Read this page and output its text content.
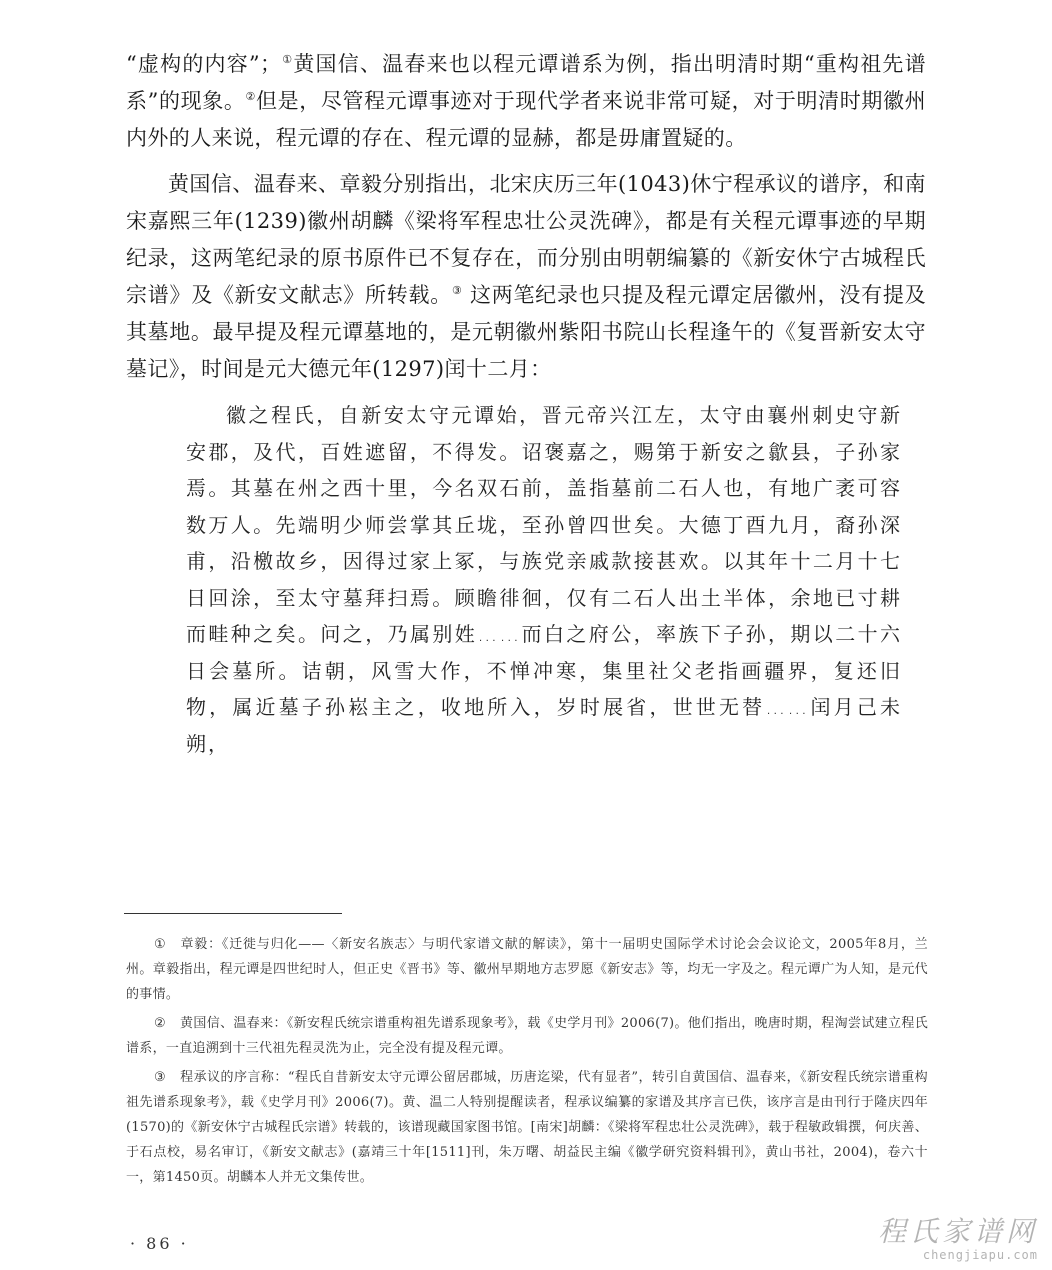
“虚构的内容”；①黄国信、温春来也以程元谭谱系为例，指出明清时期“重构祖先谱系”的现象。②但是，尽管程元谭事迹对于现代学者来说非常可疑，对于明清时期徽州内外的人来说，程元谭的存在、程元谭的显赫，都是毋庸置疑的。

黄国信、温春来、章毅分别指出，北宋庆历三年(1043)休宁程承议的谱序，和南宋嘉熙三年(1239)徽州胡麟《梁将军程忠壮公灵洗碑》，都是有关程元谭事迹的早期纪录，这两笔纪录的原书原件已不复存在，而分别由明朝编纂的《新安休宁古城程氏宗谱》及《新安文献志》所转载。③ 这两笔纪录也只提及程元谭定居徽州，没有提及其墓地。最早提及程元谭墓地的，是元朝徽州紫阳书院山长程逢午的《复晋新安太守墓记》，时间是元大德元年(1297)闰十二月：

徽之程氏，自新安太守元谭始，晋元帝兴江左，太守由襄州刺史守新安郡，及代，百姓遮留，不得发。诏褒嘉之，赐第于新安之歙县，子孙家焉。其墓在州之西十里，今名双石前，盖指墓前二石人也，有地广袤可容数万人。先端明少师尝掌其丘垅，至孙曾四世矣。大德丁酉九月，裔孙深甫，沿檄故乡，因得过家上冢，与族党亲戚款接甚欢。以其年十二月十七日回涂，至太守墓拜扫焉。顾瞻徘徊，仅有二石人出土半体，余地已寸耕而畦种之矣。问之，乃属别姓……而白之府公，率族下子孙，期以二十六日会墓所。诘朝，风雪大作，不惮冲寒，集里社父老指画疆界，复还旧物，属近墓子孙崧主之，收地所入，岁时展省，世世无替……闰月己未朔，

① 章毅：《迁徙与归化——〈新安名族志〉与明代家谱文献的解读》，第十一届明史国际学术讨论会会议论文，2005年8月，兰州。章毅指出，程元谭是四世纪时人，但正史《晋书》等、徽州早期地方志罗愿《新安志》等，均无一字及之。程元谭广为人知，是元代的事情。

② 黄国信、温春来：《新安程氏统宗谱重构祖先谱系现象考》，载《史学月刊》2006(7)。他们指出，晚唐时期，程淘尝试建立程氏谱系，一直追溯到十三代祖先程灵洗为止，完全没有提及程元谭。

③ 程承议的序言称：“程氏自昔新安太守元谭公留居郡城，历唐迄梁，代有显者”，转引自黄国信、温春来，《新安程氏统宗谱重构祖先谱系现象考》，载《史学月刊》2006(7)。黄、温二人特别提醒读者，程承议编纂的家谱及其序言已佚，该序言是由刊行于隆庆四年(1570)的《新安休宁古城程氏宗谱》转载的，该谱现藏国家图书馆。[南宋]胡麟：《梁将军程忠壮公灵洗碑》，载于程敏政辑撰，何庆善、于石点校，易名审订，《新安文献志》(嘉靖三十年[1511]刊，朱万曙、胡益民主编《徽学研究资料辑刊》，黄山书社，2004)，卷六十一，第1450页。胡麟本人并无文集传世。

· 86 ·	程氏家谱网
chengjiapu.com
